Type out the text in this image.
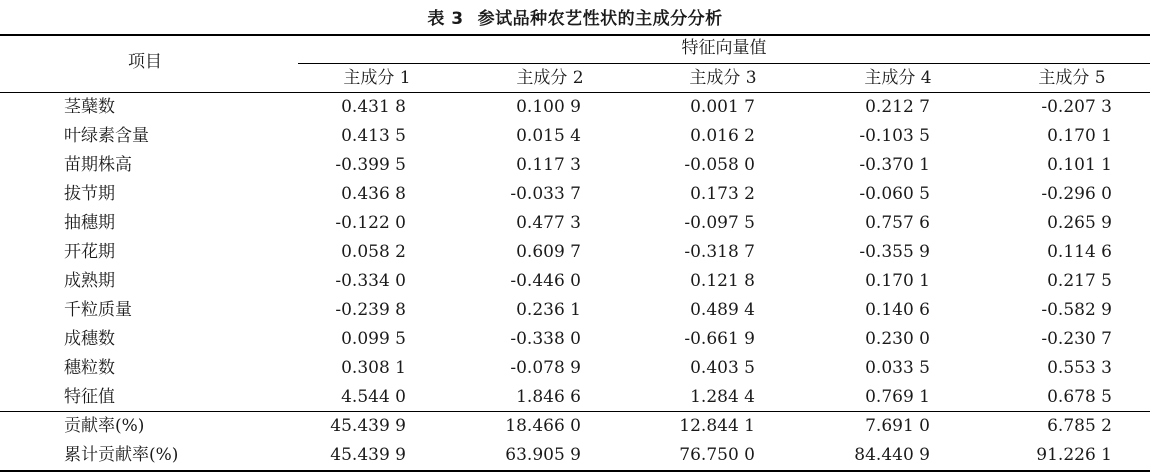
表 3 参试品种农艺性状的主成分分析
项目
特征向量值
主成分 1	主成分 2	主成分 3	主成分 4	主成分 5
茎蘖数	0.431 8	0.100 9	0.001 7	0.212 7	-0.207 3
叶绿素含量	0.413 5	0.015 4	0.016 2	-0.103 5	0.170 1
苗期株高	-0.399 5	0.117 3	-0.058 0	-0.370 1	0.101 1
拔节期	0.436 8	-0.033 7	0.173 2	-0.060 5	-0.296 0
抽穗期	-0.122 0	0.477 3	-0.097 5	0.757 6	0.265 9
开花期	0.058 2	0.609 7	-0.318 7	-0.355 9	0.114 6
成熟期	-0.334 0	-0.446 0	0.121 8	0.170 1	0.217 5
千粒质量	-0.239 8	0.236 1	0.489 4	0.140 6	-0.582 9
成穗数	0.099 5	-0.338 0	-0.661 9	0.230 0	-0.230 7
穗粒数	0.308 1	-0.078 9	0.403 5	0.033 5	0.553 3
特征值	4.544 0	1.846 6	1.284 4	0.769 1	0.678 5
贡献率(%)	45.439 9	18.466 0	12.844 1	7.691 0	6.785 2
累计贡献率(%)	45.439 9	63.905 9	76.750 0	84.440 9	91.226 1
